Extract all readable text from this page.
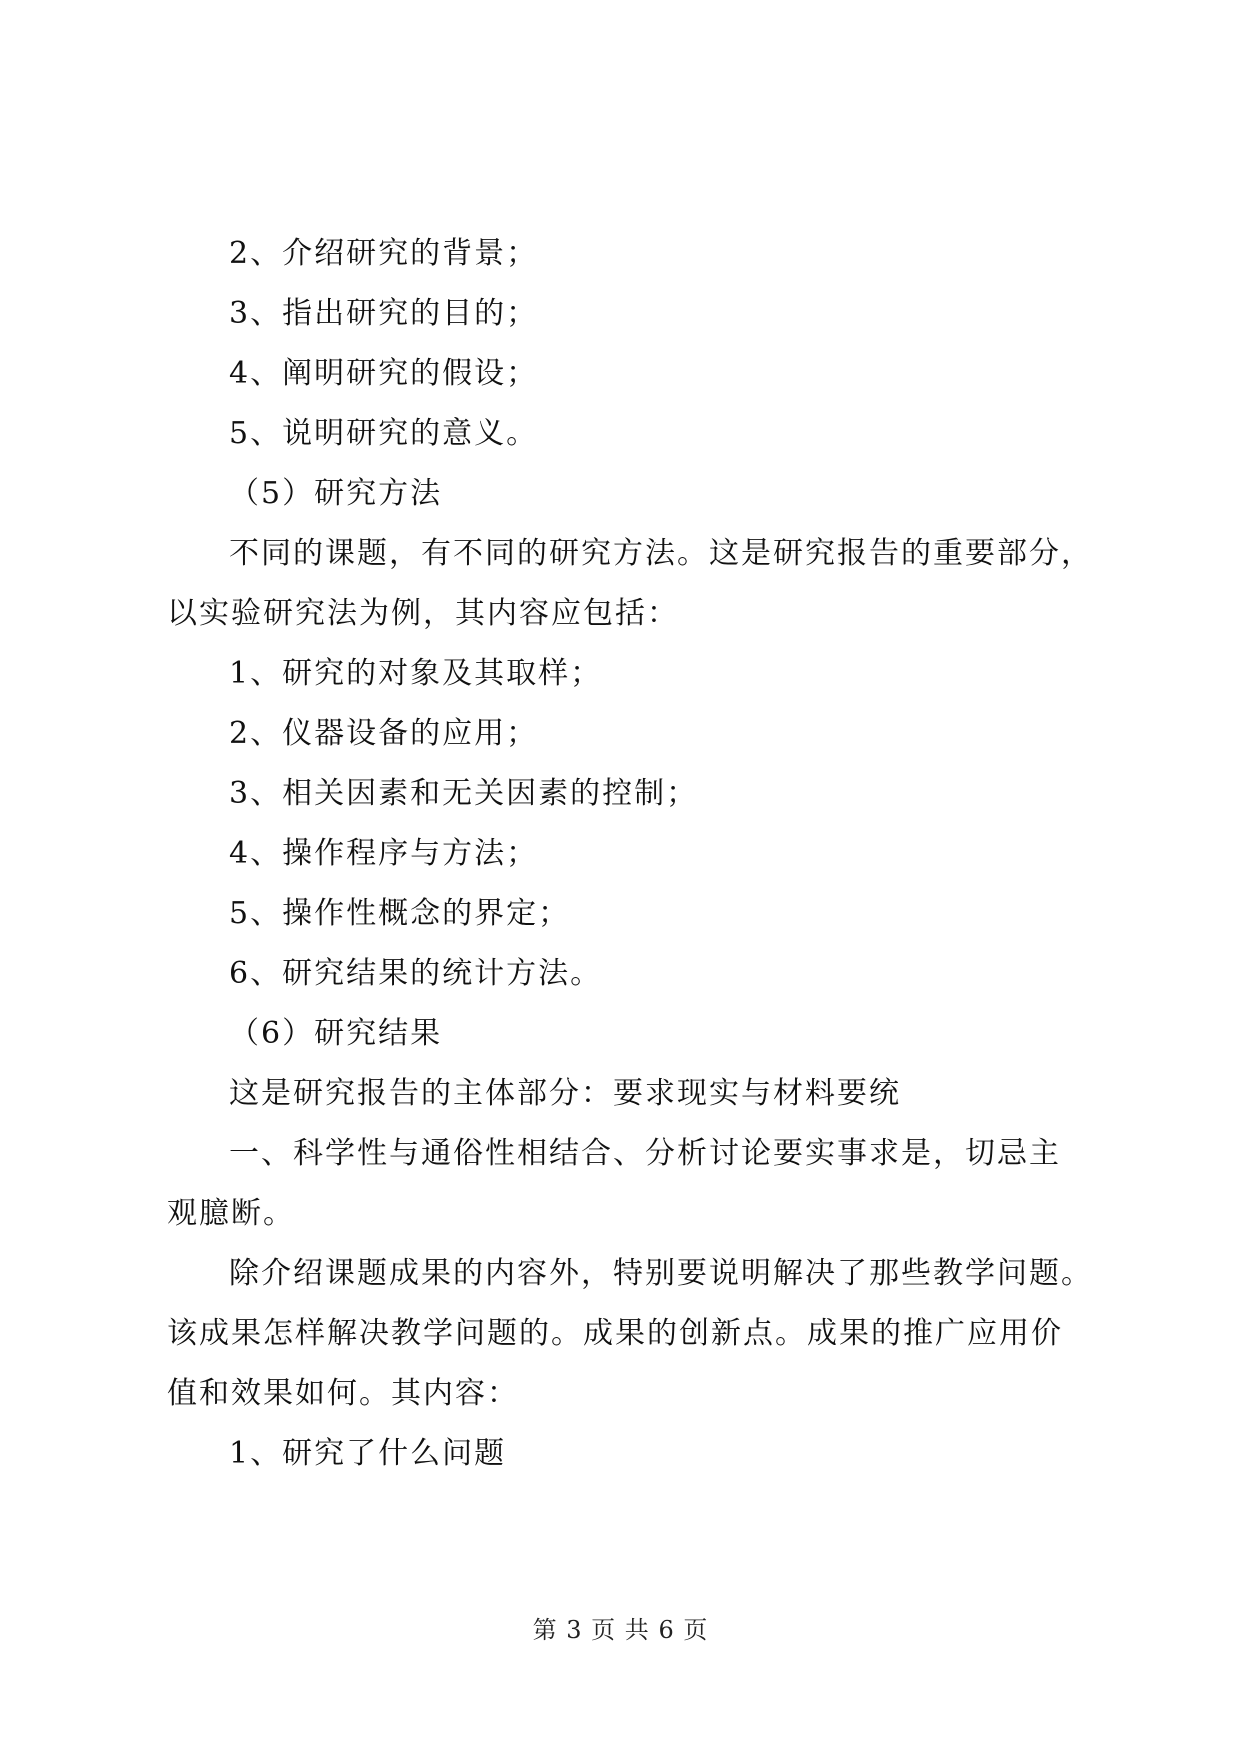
2、介绍研究的背景；
3、指出研究的目的；
4、阐明研究的假设；
5、说明研究的意义。
（5）研究方法
不同的课题，有不同的研究方法。这是研究报告的重要部分，
以实验研究法为例，其内容应包括：
1、研究的对象及其取样；
2、仪器设备的应用；
3、相关因素和无关因素的控制；
4、操作程序与方法；
5、操作性概念的界定；
6、研究结果的统计方法。
（6）研究结果
这是研究报告的主体部分：要求现实与材料要统
一、科学性与通俗性相结合、分析讨论要实事求是，切忌主
观臆断。
除介绍课题成果的内容外，特别要说明解决了那些教学问题。
该成果怎样解决教学问题的。成果的创新点。成果的推广应用价
值和效果如何。其内容：
1、研究了什么问题
第 3 页 共 6 页
